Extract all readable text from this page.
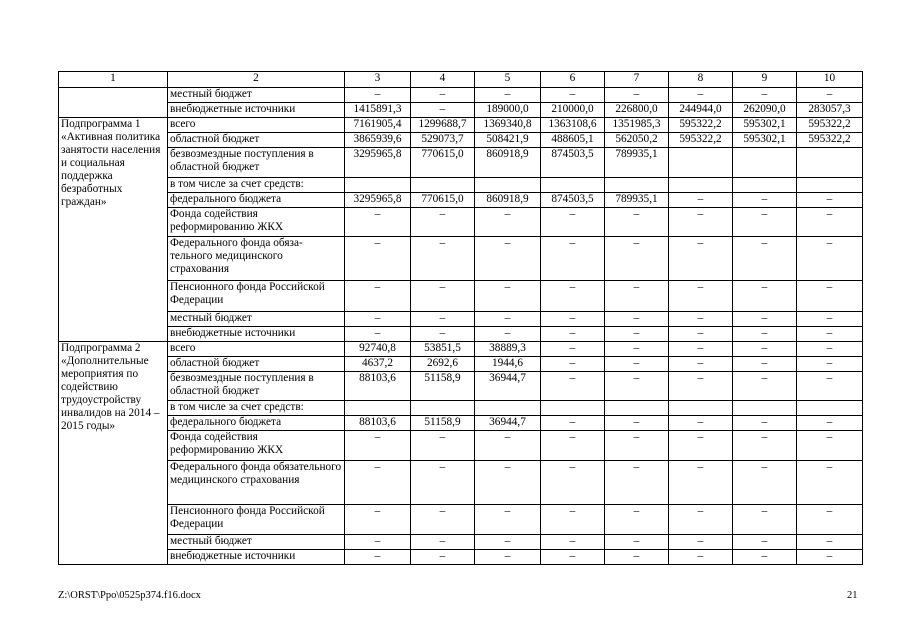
1	2	3	4	5	6	7	8	9	10
	местный бюджет	–	–	–	–	–	–	–	–
	внебюджетные источники	1415891,3	–	189000,0	210000,0	226800,0	244944,0	262090,0	283057,3
Подпрограмма 1 «Активная политика занятости населения и социальная поддержка безработных граждан»	всего	7161905,4	1299688,7	1369340,8	1363108,6	1351985,3	595322,2	595302,1	595322,2
	областной бюджет	3865939,6	529073,7	508421,9	488605,1	562050,2	595322,2	595302,1	595322,2
	безвозмездные поступления в областной бюджет	3295965,8	770615,0	860918,9	874503,5	789935,1			
	в том числе за счет средств:								
	федерального бюджета	3295965,8	770615,0	860918,9	874503,5	789935,1	–	–	–
	Фонда содействия реформированию ЖКХ	–	–	–	–	–	–	–	–
	Федерального фонда обяза-тельного медицинского страхования	–	–	–	–	–	–	–	–
	Пенсионного фонда Российской Федерации	–	–	–	–	–	–	–	–
	местный бюджет	–	–	–	–	–	–	–	–
	внебюджетные источники	–	–	–	–	–	–	–	–
Подпрограмма 2 «Дополнительные мероприятия по содействию трудоустройству инвалидов на 2014 – 2015 годы»	всего	92740,8	53851,5	38889,3	–	–	–	–	–
	областной бюджет	4637,2	2692,6	1944,6	–	–	–	–	–
	безвозмездные поступления в областной бюджет	88103,6	51158,9	36944,7	–	–	–	–	–
	в том числе за счет средств:								
	федерального бюджета	88103,6	51158,9	36944,7	–	–	–	–	–
	Фонда содействия реформированию ЖКХ	–	–	–	–	–	–	–	–
	Федерального фонда обязательного медицинского страхования	–	–	–	–	–	–	–	–
	Пенсионного фонда Российской Федерации	–	–	–	–	–	–	–	–
	местный бюджет	–	–	–	–	–	–	–	–
	внебюджетные источники	–	–	–	–	–	–	–	–
Z:\ORST\Ppo\0525p374.f16.docx	21
